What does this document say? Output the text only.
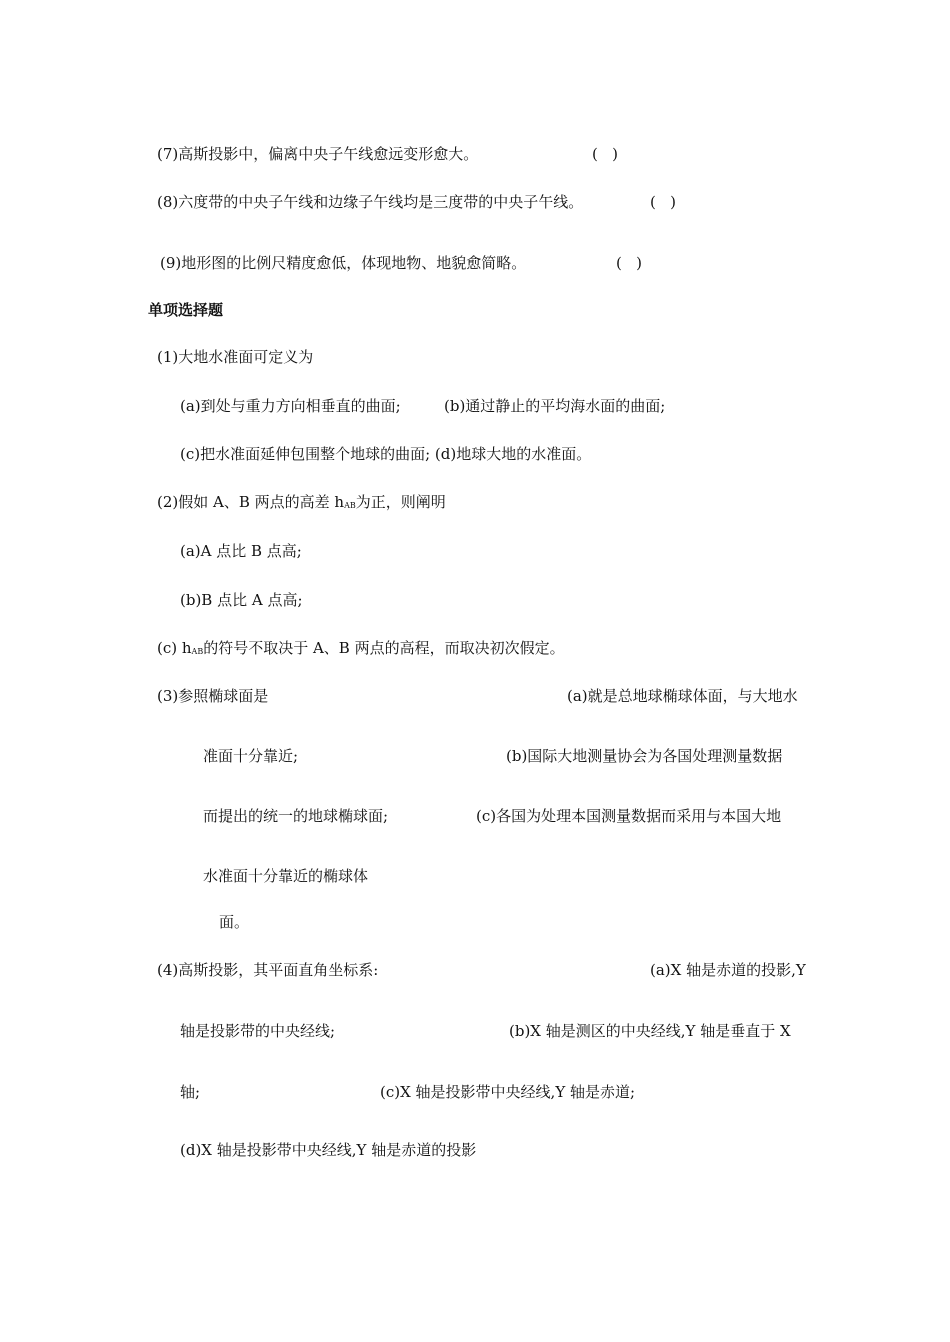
(7)高斯投影中，偏离中央子午线愈远变形愈大。	(   )
(8)六度带的中央子午线和边缘子午线均是三度带的中央子午线。	(   )
(9)地形图的比例尺精度愈低，体现地物、地貌愈简略。	(   )
单项选择题
(1)大地水准面可定义为
(a)到处与重力方向相垂直的曲面;	(b)通过静止的平均海水面的曲面;
(c)把水准面延伸包围整个地球的曲面; (d)地球大地的水准面。
(2)假如 A、B 两点的高差 $h_{AB}$为正，则阐明
(a)A 点比 B 点高;
(b)B 点比 A 点高;
(c) $h_{AB}$的符号不取决于 A、B 两点的高程，而取决初次假定。
(3)参照椭球面是	(a)就是总地球椭球体面，与大地水
准面十分靠近;	(b)国际大地测量协会为各国处理测量数据
而提出的统一的地球椭球面;	(c)各国为处理本国测量数据而采用与本国大地
水准面十分靠近的椭球体
面。
(4)高斯投影，其平面直角坐标系:	(a)X 轴是赤道的投影,Y
轴是投影带的中央经线;	(b)X 轴是测区的中央经线,Y 轴是垂直于 X
轴;	(c)X 轴是投影带中央经线,Y 轴是赤道;
(d)X 轴是投影带中央经线,Y 轴是赤道的投影
